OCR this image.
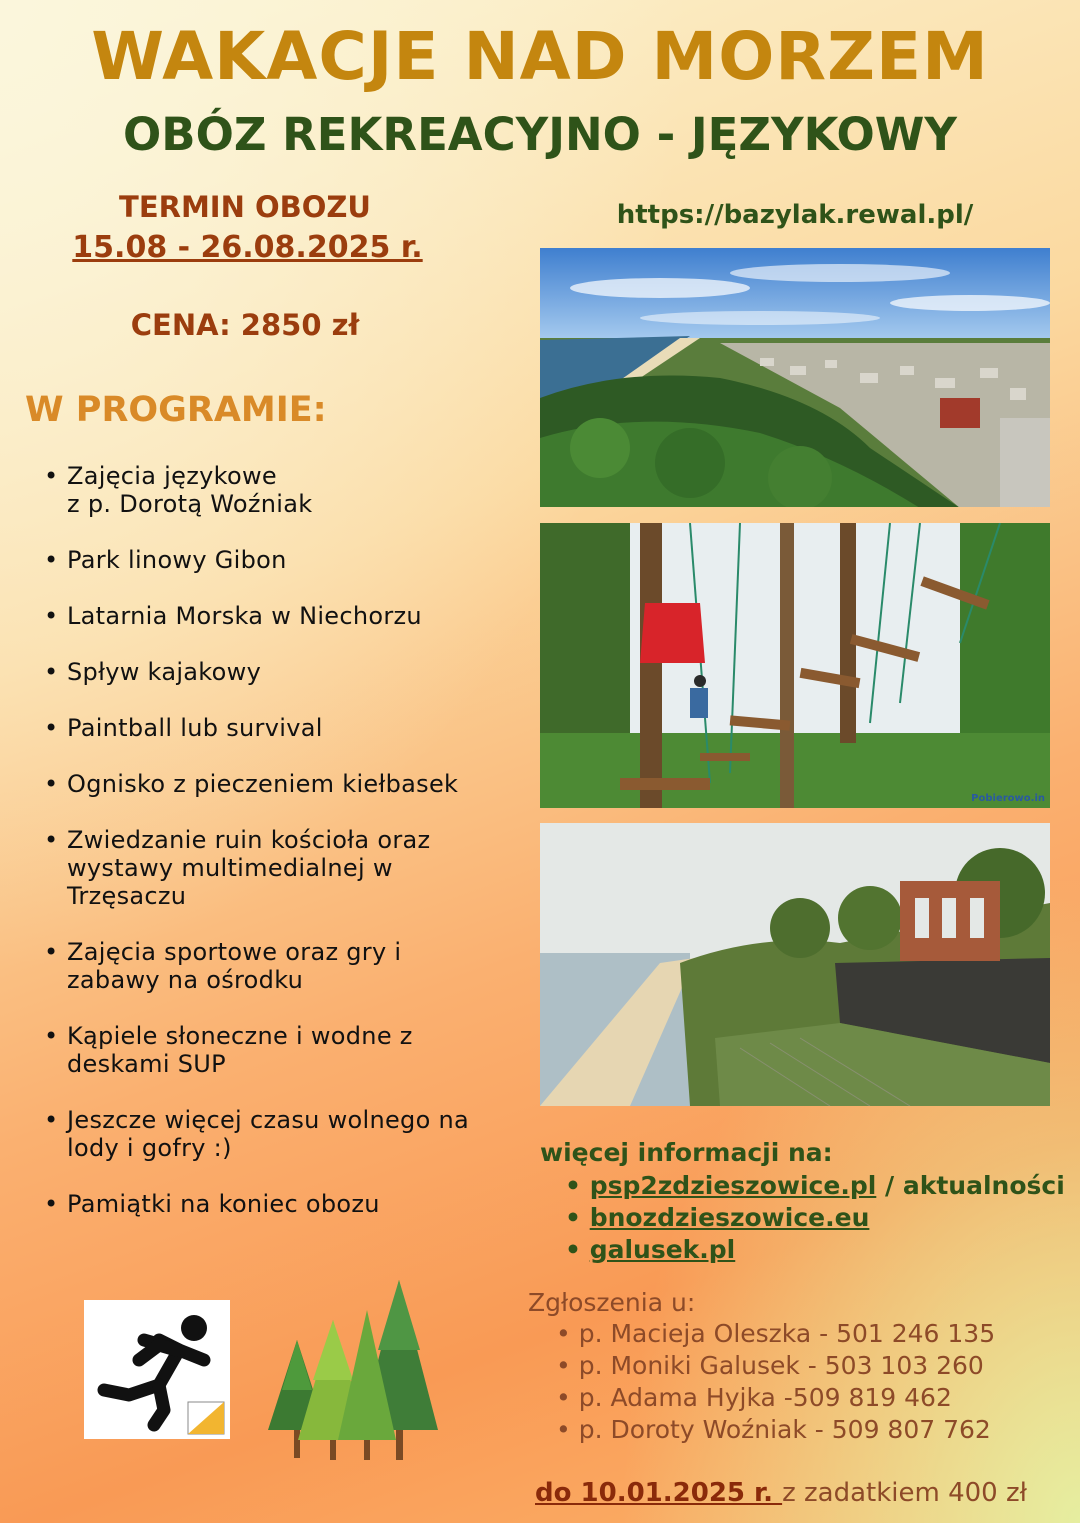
WAKACJE NAD MORZEM
OBÓZ REKREACYJNO - JĘZYKOWY
TERMIN OBOZU
15.08 - 26.08.2025 r.
CENA: 2850 zł
https://bazylak.rewal.pl/
W PROGRAMIE:
• Zajęcia językowe
z p. Dorotą Woźniak
• Park linowy Gibon
• Latarnia Morska w Niechorzu
• Spływ kajakowy
• Paintball lub survival
• Ognisko z pieczeniem kiełbasek
• Zwiedzanie ruin kościoła oraz
wystawy multimedialnej w
Trzęsaczu
• Zajęcia sportowe oraz gry i
zabawy na ośrodku
• Kąpiele słoneczne i wodne z
deskami SUP
• Jeszcze więcej czasu wolnego na
lody i gofry :)
• Pamiątki na koniec obozu
Pobierowo.in
więcej informacji na:
• psp2zdzieszowice.pl / aktualności
• bnozdzieszowice.eu
• galusek.pl
Zgłoszenia u:
• p. Macieja Oleszka - 501 246 135
• p. Moniki Galusek - 503 103 260
• p. Adama Hyjka -509 819 462
• p. Doroty Woźniak - 509 807 762
do 10.01.2025 r. z zadatkiem 400 zł
